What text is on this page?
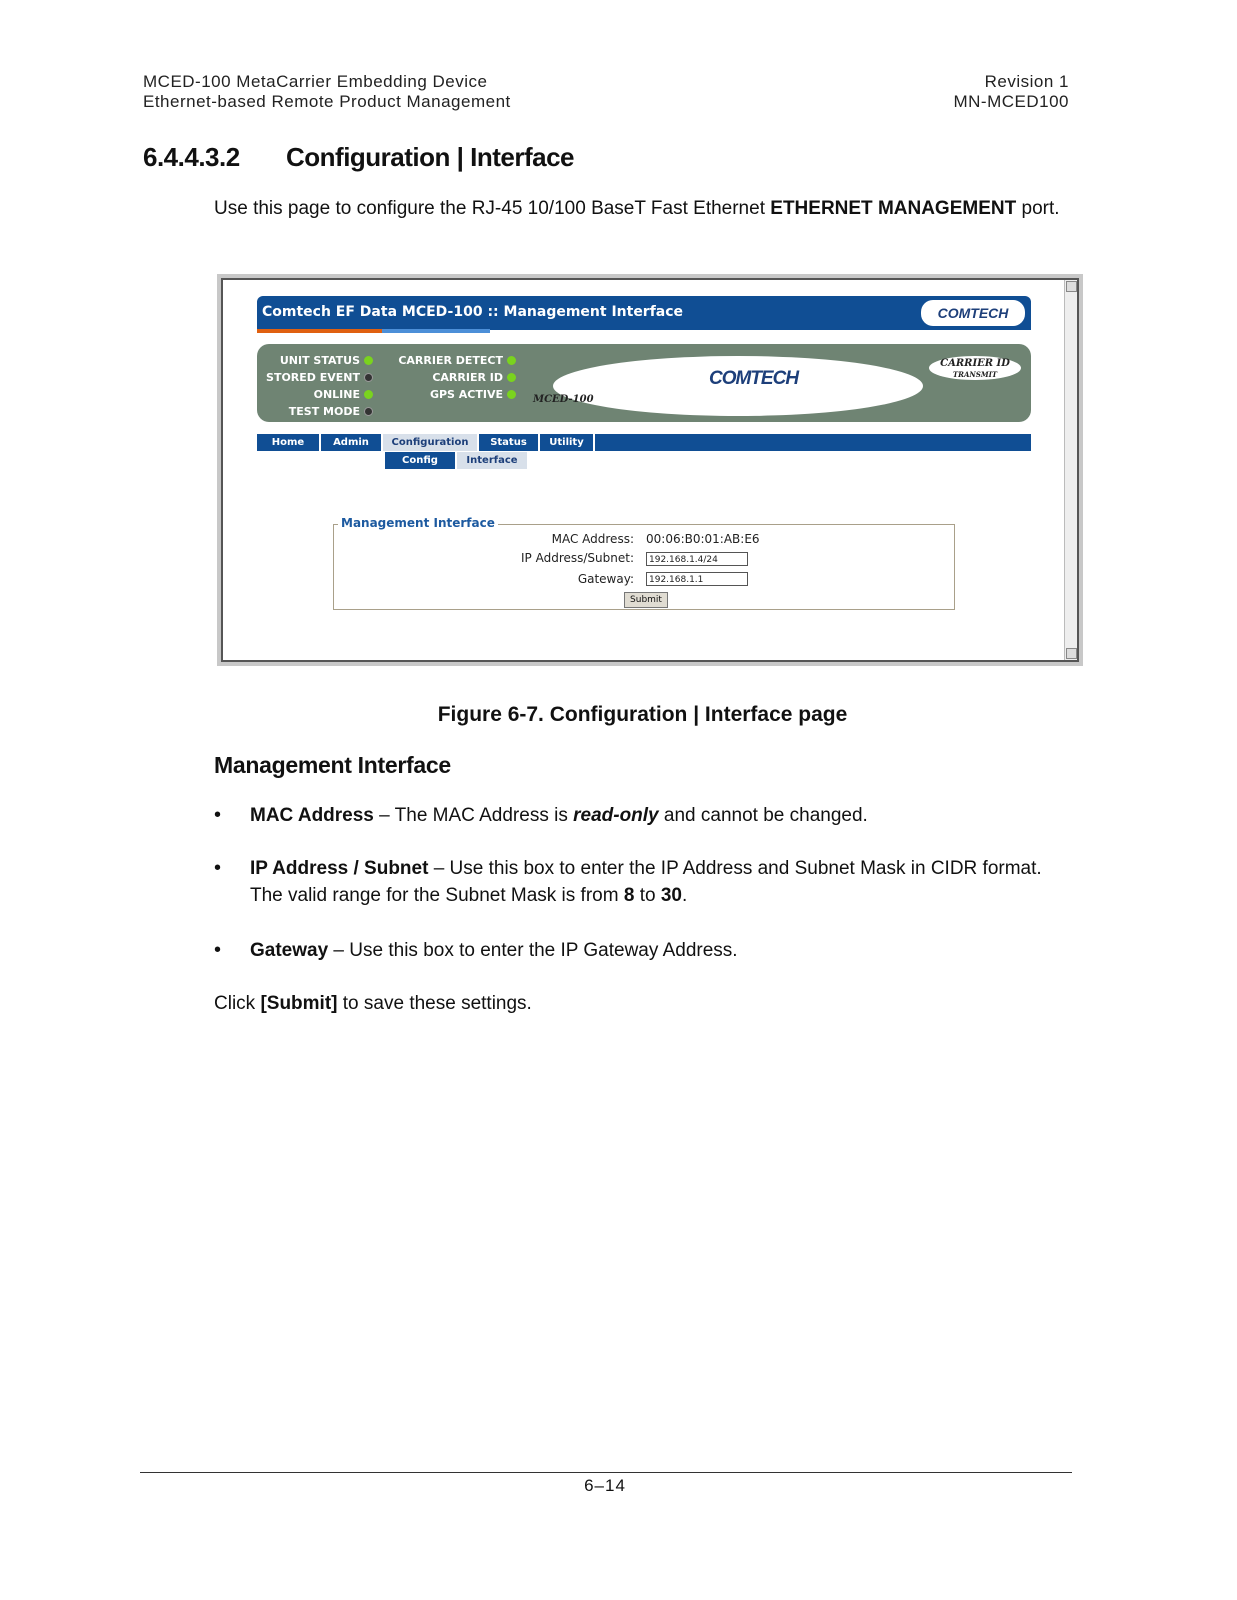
MCED-100 MetaCarrier Embedding Device
Ethernet-based Remote Product Management
Revision 1
MN-MCED100
6.4.4.3.2 Configuration | Interface
Use this page to configure the RJ-45 10/100 BaseT Fast Ethernet ETHERNET MANAGEMENT port.
Comtech EF Data MCED-100 :: Management Interface	COMTECH
UNIT STATUS
STORED EVENT
ONLINE
TEST MODE
CARRIER DETECT
CARRIER ID
GPS ACTIVE
COMTECH
MCED-100
CARRIER ID
TRANSMIT
Home	Admin	Configuration	Status	Utility
Config	Interface
Management Interface
MAC Address: 00:06:B0:01:AB:E6
IP Address/Subnet:	192.168.1.4/24
Gateway:	192.168.1.1
Submit
Figure 6-7. Configuration | Interface page
Management Interface
• MAC Address – The MAC Address is read-only and cannot be changed.
• IP Address / Subnet – Use this box to enter the IP Address and Subnet Mask in CIDR format. The valid range for the Subnet Mask is from 8 to 30.
• Gateway – Use this box to enter the IP Gateway Address.
Click [Submit] to save these settings.
6–14
